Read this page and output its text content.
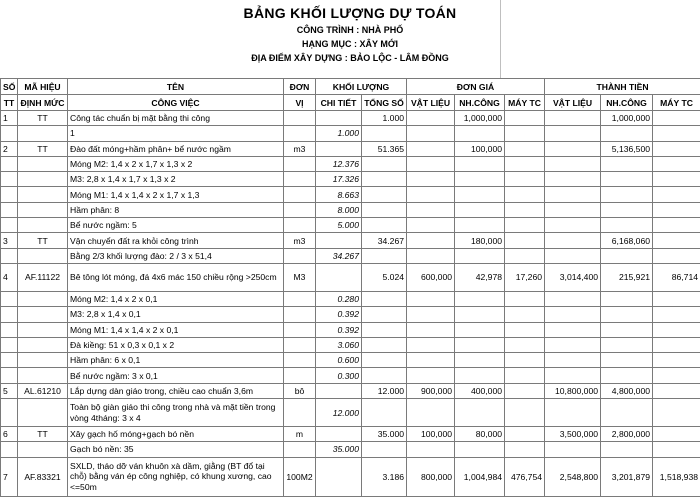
BẢNG KHỐI LƯỢNG DỰ TOÁN
CÔNG TRÌNH : NHÀ PHỐ
HẠNG MỤC : XÂY MỚI
ĐỊA ĐIỂM XÂY DỰNG : BẢO LỘC - LÂM ĐỒNG
SỐ	MÃ HIỆU	TÊN	ĐƠN	KHỐI LƯỢNG		ĐƠN GIÁ			THÀNH TIỀN		
TT	ĐỊNH MỨC	CÔNG VIỆC	VỊ	CHI TIẾT	TỔNG SỐ	VẬT LIỆU	NH.CÔNG	MÁY TC	VẬT LIỆU	NH.CÔNG	MÁY TC
1	TT	Công tác chuẩn bị mặt bằng thi công			1.000		1,000,000			1,000,000	
		1		1.000							
2	TT	Đào đất móng+hầm phân+ bể nước ngầm	m3		51.365		100,000			5,136,500	
		Móng M2: 1,4 x 2 x 1,7 x 1,3 x 2		12.376							
		M3: 2,8 x 1,4 x 1,7 x 1,3 x 2		17.326							
		Móng M1: 1,4 x 1,4 x 2 x 1,7 x 1,3		8.663							
		Hầm phân: 8		8.000							
		Bể nước ngầm: 5		5.000							
3	TT	Vận chuyển đất ra khỏi công trình	m3		34.267		180,000			6,168,060	
		Bằng 2/3 khối lượng đào: 2 / 3 x 51,4		34.267							
4	AF.11122	Bê tông lót móng, đá 4x6 mác 150 chiều rộng >250cm	M3		5.024	600,000	42,978	17,260	3,014,400	215,921	86,714
		Móng M2: 1,4 x 2 x 0,1		0.280							
		M3: 2,8 x 1,4 x 0,1		0.392							
		Móng M1: 1,4 x 1,4 x 2 x 0,1		0.392							
		Đà kiềng: 51 x 0,3 x 0,1 x 2		3.060							
		Hầm phân: 6 x 0,1		0.600							
		Bể nước ngầm: 3 x 0,1		0.300							
5	AL.61210	Lắp dựng dàn giáo trong, chiều cao chuẩn 3,6m	bô		12.000	900,000	400,000		10,800,000	4,800,000	
		Toàn bộ giàn giáo thi công trong nhà và mặt tiền trong vòng 4tháng: 3 x 4		12.000							
6	TT	Xây gạch hố móng+gạch bó nền	m		35.000	100,000	80,000		3,500,000	2,800,000	
		Gạch bó nền: 35		35.000							
7	AF.83321	SXLD, tháo dỡ ván khuôn xà dầm, giằng (BT đổ tại chỗ) bằng ván ép công nghiệp, có khung xương, cao <=50m	100M2		3.186	800,000	1,004,984	476,754	2,548,800	3,201,879	1,518,938
